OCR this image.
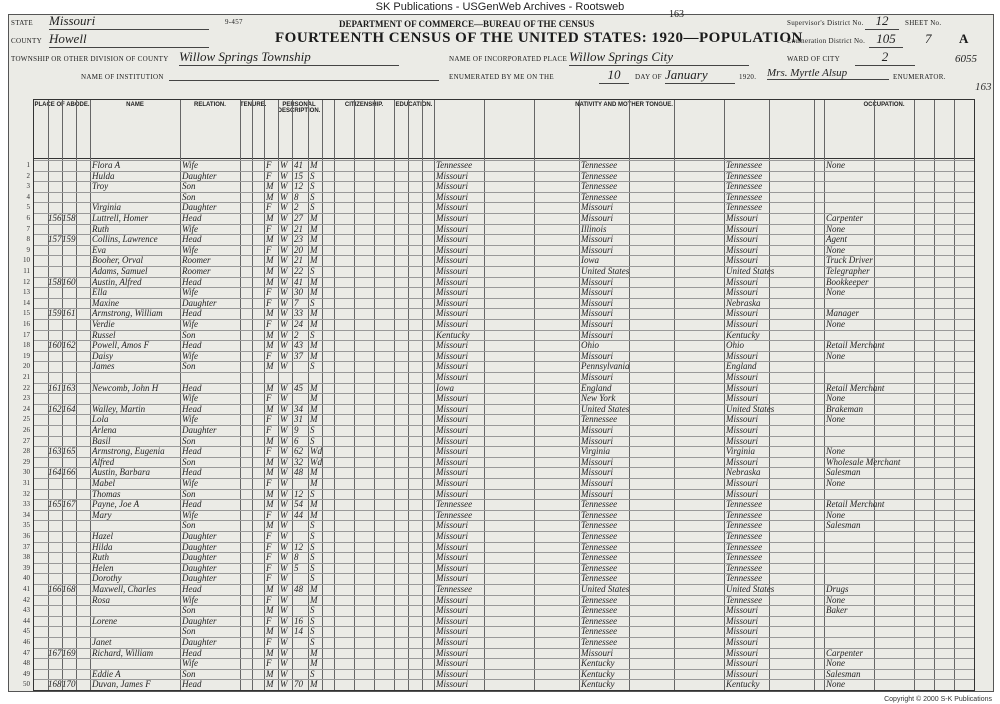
SK Publications - USGenWeb Archives - Rootsweb
9-457
163
DEPARTMENT OF COMMERCE—BUREAU OF THE CENSUS
FOURTEENTH CENSUS OF THE UNITED STATES: 1920—POPULATION
STATE Missouri
COUNTY Howell
TOWNSHIP OR OTHER DIVISION OF COUNTY Willow Springs Township	NAME OF INCORPORATED PLACE Willow Springs City
NAME OF INSTITUTION	ENUMERATED BY ME ON THE	10	DAY OF January	1920. Mrs. Myrtle Alsup	ENUMERATOR.
Supervisor's District No. 12
Enumeration District No. 105
SHEET No.
7 A
WARD OF CITY	2	6055
PLACE OF ABODE.	NAME	RELATION.	TENURE.	PERSONAL DESCRIPTION.
CITIZENSHIP.	EDUCATION.	NATIVITY AND MOTHER TONGUE.	OCCUPATION.
1	Flora A	Wife	F W 41 M	Tennessee	Tennessee	Tennessee	None
2	Hulda	Daughter	F W 15 S	Missouri	Tennessee	Tennessee
3	Troy	Son	M W 12 S	Missouri	Tennessee	Tennessee
4	Son	M W 8	S	Missouri	Tennessee	Tennessee
5	Virginia	Daughter	F W 2	S	Missouri	Missouri	Tennessee
6 156 158 Luttrell, Homer	Head	M W 27 M	Missouri	Missouri	Missouri	Carpenter
7	Ruth	Wife	F W 21 M	Missouri	Illinois	Missouri	None
8 157 159 Collins, Lawrence	Head	M W 23 M	Missouri	Missouri	Missouri	Agent
9	Eva	Wife	F W 20 M	Missouri	Missouri	Missouri	None
10	Booher, Orval	Roomer	M W 21 M	Missouri	Iowa	Missouri	Truck Driver
11	Adams, Samuel	Roomer	M W 22 S	Missouri	United States	United States	Telegrapher
12 158 160 Austin, Alfred	Head	M W 41 M	Missouri	Missouri	Missouri	Bookkeeper
13	Ella	Wife	F W 30 M	Missouri	Missouri	Missouri	None
14	Maxine	Daughter	F W 7	S	Missouri	Missouri	Nebraska
15 159 161 Armstrong, William	Head	M W 33 M	Missouri	Missouri	Missouri	Manager
16	Verdie	Wife	F W 24 M	Missouri	Missouri	Missouri	None
17	Russel	Son	M W 2	S	Kentucky	Missouri	Kentucky
18 160 162 Powell, Amos F	Head	M W 43 M	Missouri	Ohio	Ohio	Retail Merchant
19	Daisy	Wife	F W 37 M	Missouri	Missouri	Missouri	None
20	James	Son	M W	S	Missouri	Pennsylvania	England
21	Missouri	Missouri	Missouri
22 161 163 Newcomb, John H	Head	M W 45 M	Iowa	England	Missouri	Retail Merchant
23	Wife	F W	M	Missouri	New York	Missouri	None
24 162 164 Walley, Martin	Head	M W 34 M	Missouri	United States	United States	Brakeman
25	Lola	Wife	F W 31 M	Missouri	Tennessee	Missouri	None
26	Arlena	Daughter	F W 9	S	Missouri	Missouri	Missouri
27	Basil	Son	M W 6	S	Missouri	Missouri	Missouri
28 163 165 Armstrong, Eugenia	Head	F W 62 Wd	Missouri	Virginia	Virginia	None
29	Alfred	Son	M W 32 Wd	Missouri	Missouri	Missouri	Wholesale Merchant
30 164 166 Austin, Barbara	Head	M W 48 M	Missouri	Missouri	Nebraska	Salesman
31	Mabel	Wife	F W	M	Missouri	Missouri	Missouri	None
32	Thomas	Son	M W 12 S	Missouri	Missouri	Missouri
33 165 167 Payne, Joe A	Head	M W 54 M	Tennessee	Tennessee	Tennessee	Retail Merchant
34	Mary	Wife	F W 44 M	Tennessee	Tennessee	Tennessee	None
35	Son	M W	S	Missouri	Tennessee	Tennessee	Salesman
36	Hazel	Daughter	F W	S	Missouri	Tennessee	Tennessee
37	Hilda	Daughter	F W 12 S	Missouri	Tennessee	Tennessee
38	Ruth	Daughter	F W 8	S	Missouri	Tennessee	Tennessee
39	Helen	Daughter	F W 5	S	Missouri	Tennessee	Tennessee
40	Dorothy	Daughter	F W	S	Missouri	Tennessee	Tennessee
41 166 168 Maxwell, Charles	Head	M W 48 M	Tennessee	United States	United States	Drugs
42	Rosa	Wife	F W	M	Missouri	Tennessee	Tennessee	None
43	Son	M W	S	Missouri	Tennessee	Missouri	Baker
44	Lorene	Daughter	F W 16 S	Missouri	Tennessee	Missouri
45	Son	M W 14 S	Missouri	Tennessee	Missouri
46	Janet	Daughter	F W	S	Missouri	Tennessee	Missouri
47 167 169 Richard, William	Head	M W	M	Missouri	Missouri	Missouri	Carpenter
48	Wife	F W	M	Missouri	Kentucky	Missouri	None
49	Eddie A	Son	M W	S	Missouri	Kentucky	Missouri	Salesman
50 168 170 Duvan, James F	Head	M W 70 M	Missouri	Kentucky	Kentucky	None
163
Copyright © 2000 S-K Publications
